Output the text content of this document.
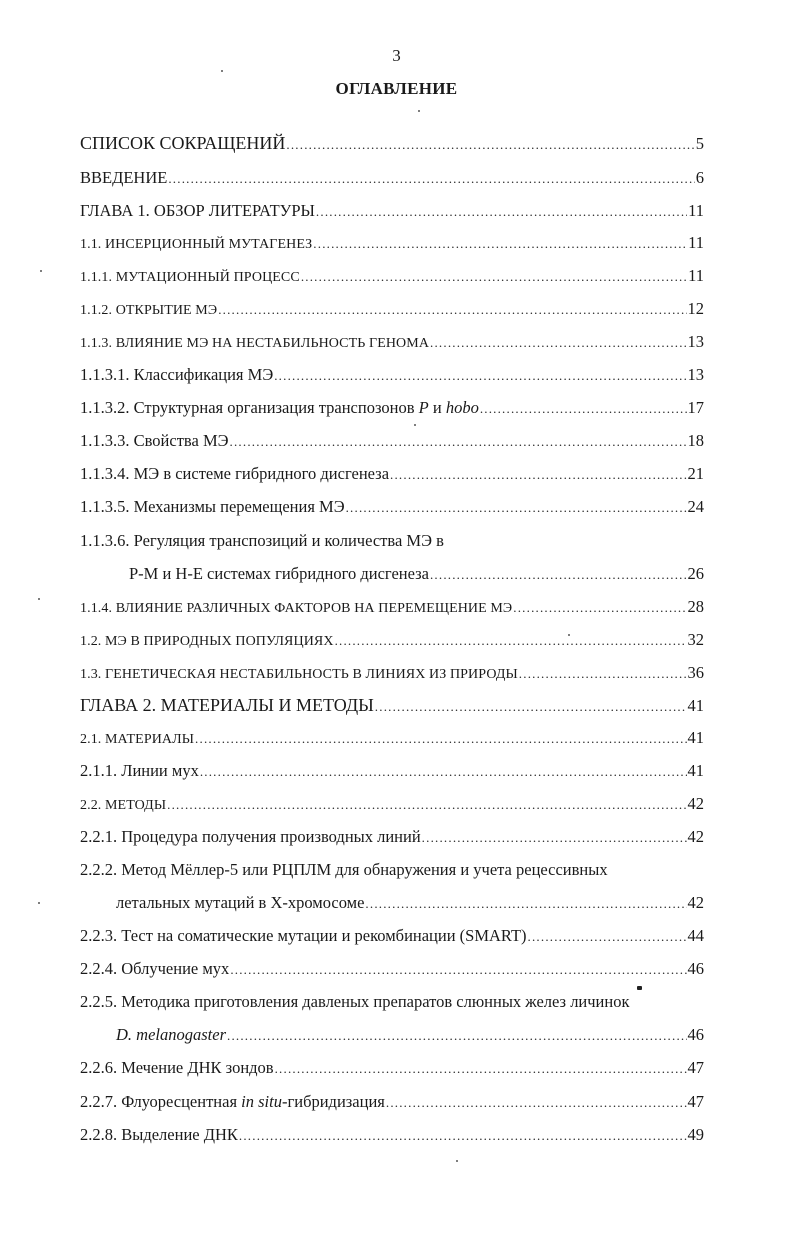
3
ОГЛАВЛЕНИЕ
СПИСОК СОКРАЩЕНИЙ .....	5
ВВЕДЕНИЕ .....	6
ГЛАВА 1. ОБЗОР ЛИТЕРАТУРЫ .....	11
1.1. ИНСЕРЦИОННЫЙ МУТАГЕНЕЗ .....	11
1.1.1. МУТАЦИОННЫЙ ПРОЦЕСС .....	11
1.1.2. ОТКРЫТИЕ МЭ .....	12
1.1.3. ВЛИЯНИЕ МЭ НА НЕСТАБИЛЬНОСТЬ ГЕНОМА .....	13
1.1.3.1. Классификация МЭ .....	13
1.1.3.2. Структурная организация транспозонов P и hobo .....	17
1.1.3.3. Свойства МЭ .....	18
1.1.3.4. МЭ в системе гибридного дисгенеза .....	21
1.1.3.5. Механизмы перемещения МЭ .....	24
1.1.3.6. Регуляция транспозиций и количества МЭ в
Р-М и Н-Е системах гибридного дисгенеза .....	26
1.1.4. ВЛИЯНИЕ РАЗЛИЧНЫХ ФАКТОРОВ НА ПЕРЕМЕЩЕНИЕ МЭ .....	28
1.2. МЭ В ПРИРОДНЫХ ПОПУЛЯЦИЯХ .....	32
1.3. ГЕНЕТИЧЕСКАЯ НЕСТАБИЛЬНОСТЬ В ЛИНИЯХ ИЗ ПРИРОДЫ .....	36
ГЛАВА 2. МАТЕРИАЛЫ И МЕТОДЫ .....	41
2.1. МАТЕРИАЛЫ .....	41
2.1.1. Линии мух .....	41
2.2. МЕТОДЫ .....	42
2.2.1. Процедура получения производных линий .....	42
2.2.2. Метод Мёллер-5 или РЦПЛМ для обнаружения и учета рецессивных
летальных мутаций в Х-хромосоме .....	42
2.2.3. Тест на соматические мутации и рекомбинации (SMART) .....	44
2.2.4. Облучение мух .....	46
2.2.5. Методика приготовления давленых препаратов слюнных желез личинок
D. melanogaster .....	46
2.2.6. Мечение ДНК зондов .....	47
2.2.7. Флуоресцентная in situ-гибридизация .....	47
2.2.8. Выделение ДНК .....	49
